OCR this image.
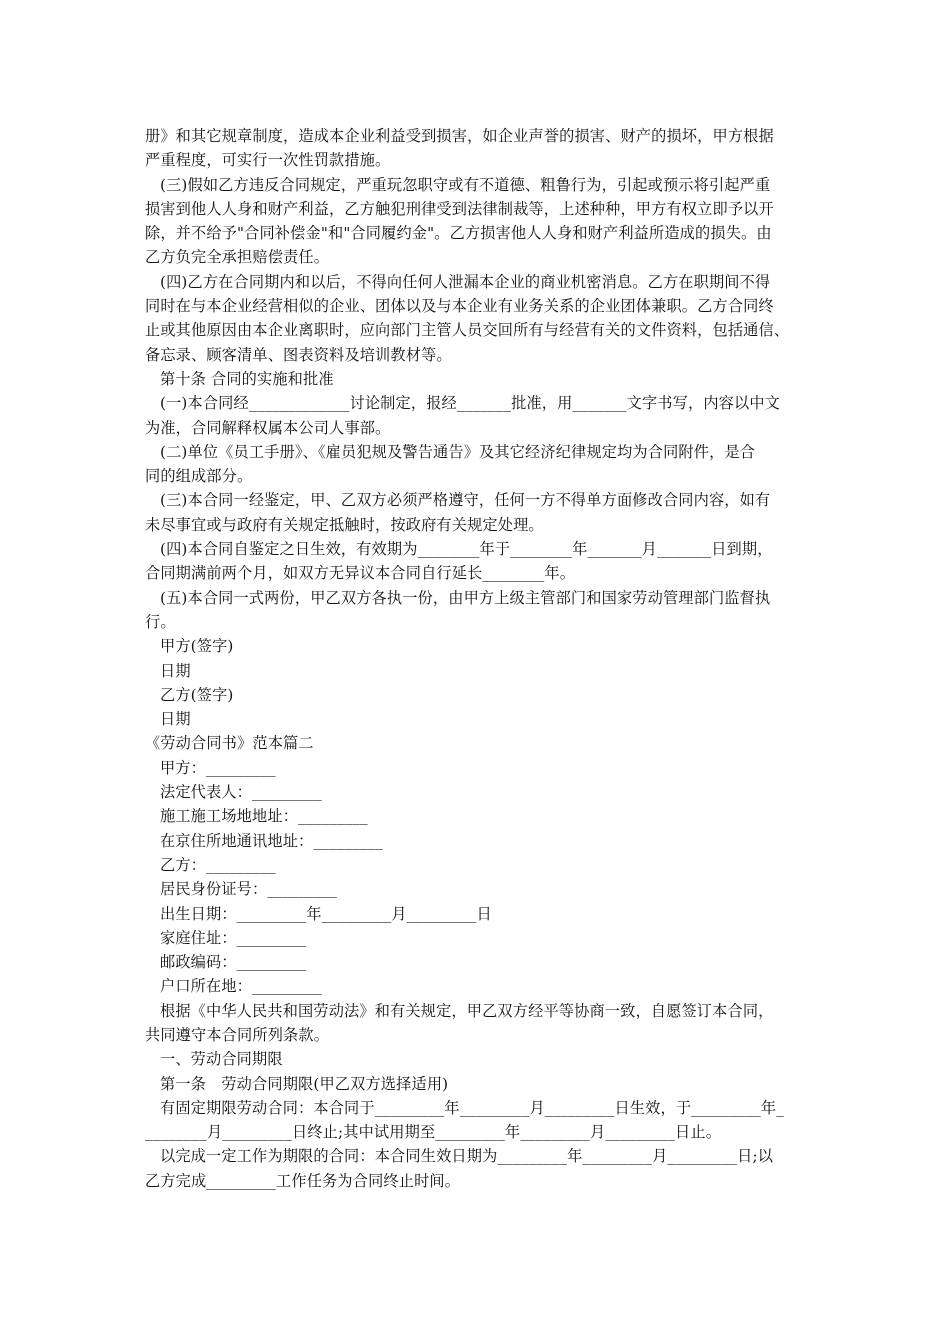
册》和其它规章制度，造成本企业利益受到损害，如企业声誉的损害、财产的损坏，甲方根据
严重程度，可实行一次性罚款措施。
(三)假如乙方违反合同规定，严重玩忽职守或有不道德、粗鲁行为，引起或预示将引起严重
损害到他人人身和财产利益，乙方触犯刑律受到法律制裁等，上述种种，甲方有权立即予以开
除，并不给予"合同补偿金"和"合同履约金"。乙方损害他人人身和财产利益所造成的损失。由
乙方负完全承担赔偿责任。
(四)乙方在合同期内和以后，不得向任何人泄漏本企业的商业机密消息。乙方在职期间不得
同时在与本企业经营相似的企业、团体以及与本企业有业务关系的企业团体兼职。乙方合同终
止或其他原因由本企业离职时，应向部门主管人员交回所有与经营有关的文件资料，包括通信、
备忘录、顾客清单、图表资料及培训教材等。
第十条 合同的实施和批准
(一)本合同经_____________讨论制定，报经_______批准，用_______文字书写，内容以中文
为准，合同解释权属本公司人事部。
(二)单位《员工手册》、《雇员犯规及警告通告》及其它经济纪律规定均为合同附件，是合
同的组成部分。
(三)本合同一经鉴定，甲、乙双方必须严格遵守，任何一方不得单方面修改合同内容，如有
未尽事宜或与政府有关规定抵触时，按政府有关规定处理。
(四)本合同自鉴定之日生效，有效期为________年于________年_______月_______日到期，
合同期满前两个月，如双方无异议本合同自行延长________年。
(五)本合同一式两份，甲乙双方各执一份，由甲方上级主管部门和国家劳动管理部门监督执
行。
甲方(签字)
日期
乙方(签字)
日期
《劳动合同书》范本篇二
甲方：_________
法定代表人：_________
施工施工场地地址：_________
在京住所地通讯地址：_________
乙方：_________
居民身份证号：_________
出生日期：_________年_________月_________日
家庭住址：_________
邮政编码：_________
户口所在地：_________
根据《中华人民共和国劳动法》和有关规定，甲乙双方经平等协商一致，自愿签订本合同，
共同遵守本合同所列条款。
一、劳动合同期限
第一条　劳动合同期限(甲乙双方选择适用)
有固定期限劳动合同：本合同于_________年_________月_________日生效，于_________年_
________月_________日终止;其中试用期至_________年_________月_________日止。
以完成一定工作为期限的合同：本合同生效日期为_________年_________月_________日;以
乙方完成_________工作任务为合同终止时间。
